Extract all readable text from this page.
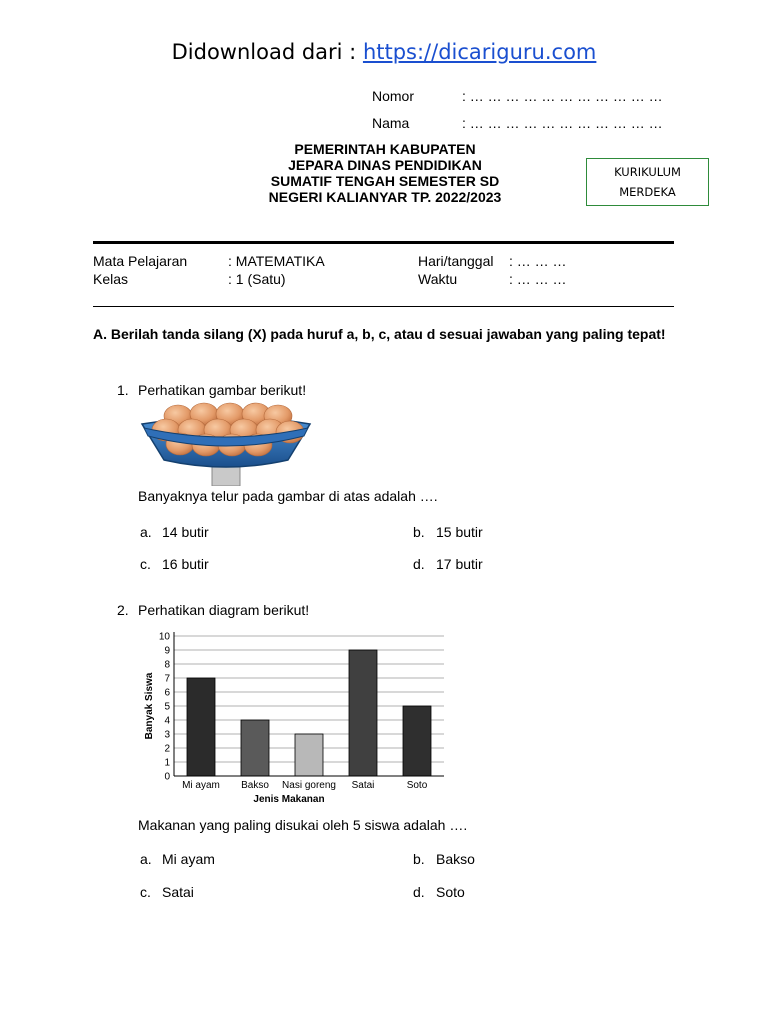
Didownload dari : https://dicariguru.com
Nomor	: … … … … … … … … … … …
Nama	: … … … … … … … … … … …
PEMERINTAH KABUPATEN
JEPARA DINAS PENDIDIKAN
SUMATIF TENGAH SEMESTER SD
NEGERI KALIANYAR TP. 2022/2023
KURIKULUM
MERDEKA
Mata Pelajaran	: MATEMATIKA
Kelas	: 1 (Satu)
Hari/tanggal : … … …
Waktu	: … … …
A. Berilah tanda silang (X) pada huruf a, b, c, atau d sesuai jawaban yang paling tepat!
1. Perhatikan gambar berikut!
Banyaknya telur pada gambar di atas adalah ….
a. 14 butir	b. 15 butir
c. 16 butir	d. 17 butir
2. Perhatikan diagram berikut!
0
1
2
3
4
5
6
7
8
9
10
Mi ayam Bakso Nasi goreng Satai	Soto
Jenis Makanan
Banyak Siswa
Makanan yang paling disukai oleh 5 siswa adalah ….
a. Mi ayam	b. Bakso
c. Satai	d. Soto
